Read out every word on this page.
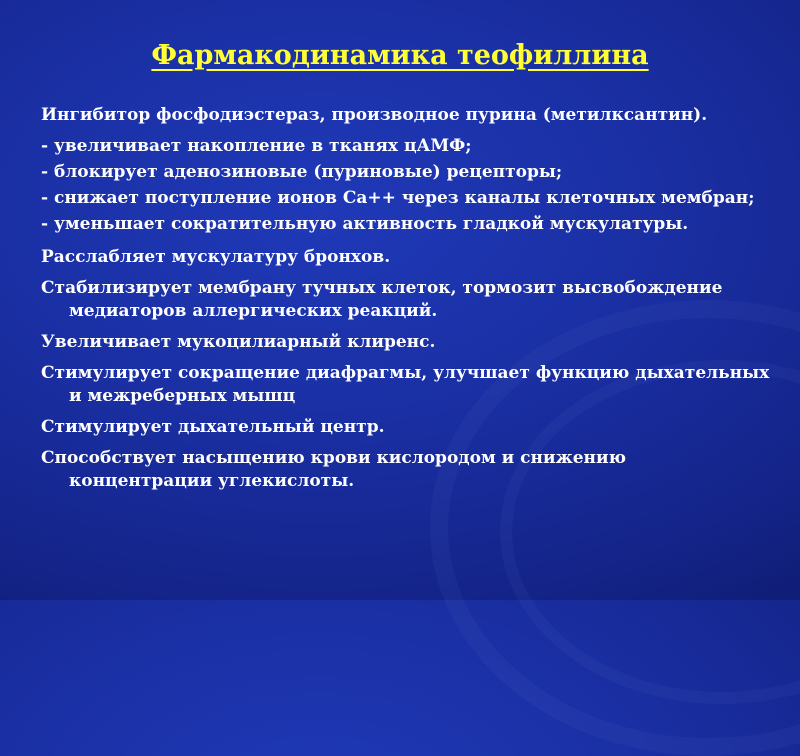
Фармакодинамика теофиллина
Ингибитор фосфодиэстераз, производное пурина (метилксантин).
- увеличивает накопление в тканях цАМФ;
- блокирует аденозиновые (пуриновые) рецепторы;
- снижает поступление ионов Ca++ через каналы клеточных мембран;
- уменьшает сократительную активность гладкой мускулатуры.
Расслабляет мускулатуру бронхов.
Стабилизирует мембрану тучных клеток, тормозит высвобождение медиаторов аллергических реакций.
Увеличивает мукоцилиарный клиренс.
Стимулирует сокращение диафрагмы, улучшает функцию дыхательных и межреберных мышц
Стимулирует дыхательный центр.
Способствует насыщению крови кислородом и снижению концентрации углекислоты.
